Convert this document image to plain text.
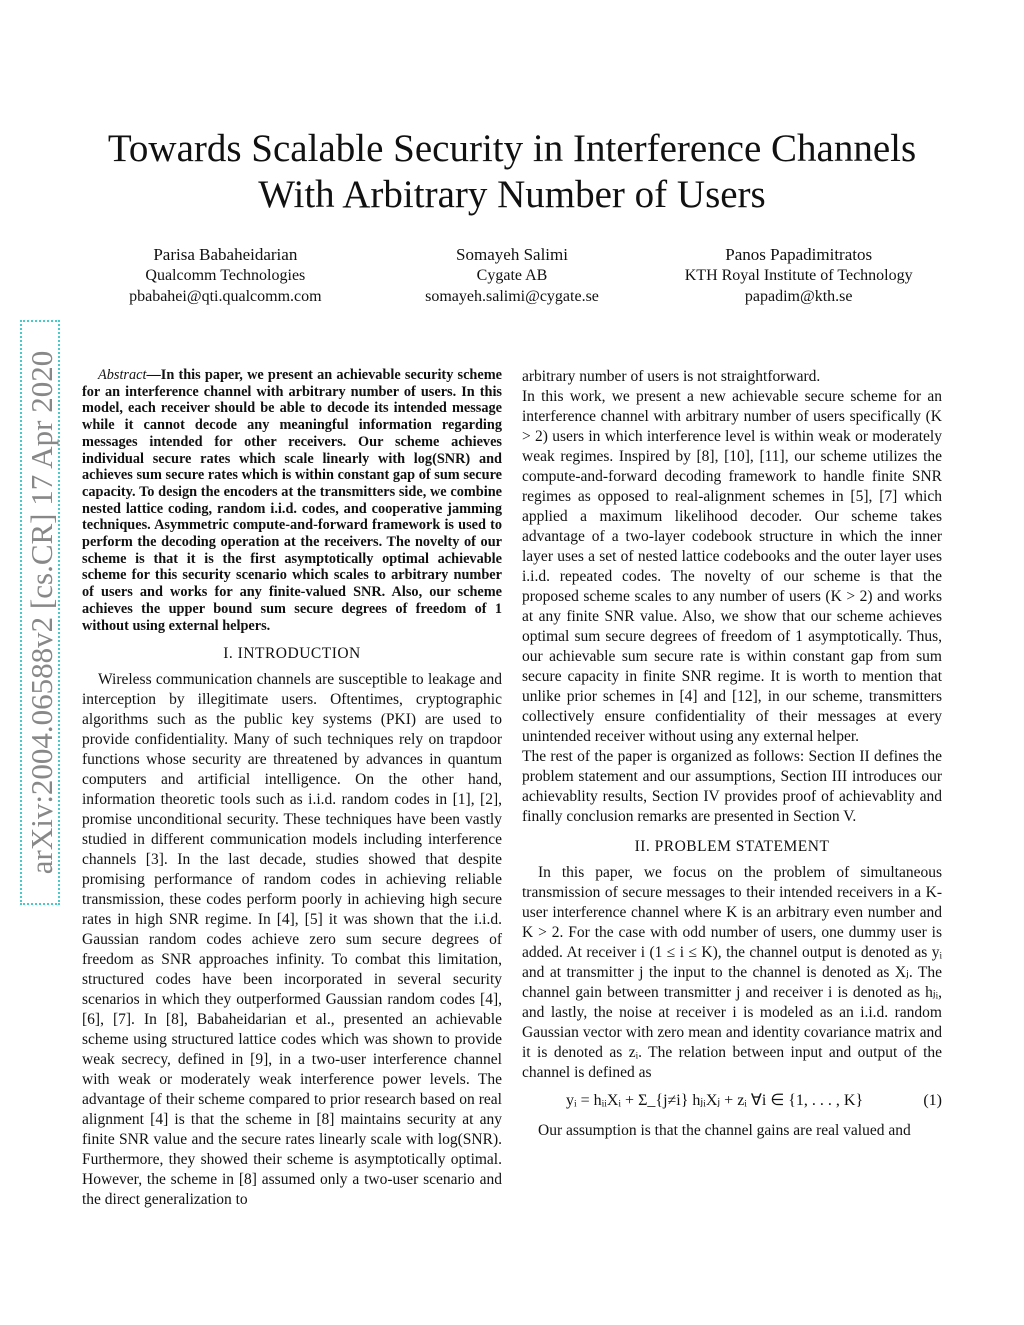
Towards Scalable Security in Interference Channels
With Arbitrary Number of Users
Parisa Babaheidarian
Qualcomm Technologies
pbabahei@qti.qualcomm.com
Somayeh Salimi
Cygate AB
somayeh.salimi@cygate.se
Panos Papadimitratos
KTH Royal Institute of Technology
papadim@kth.se
arXiv:2004.06588v2 [cs.CR] 17 Apr 2020	Abstract—In this paper, we present an achievable security scheme for an interference channel with arbitrary number of users. In this model, each receiver should be able to decode its intended message while it cannot decode any meaningful information regarding messages intended for other receivers. Our scheme achieves individual secure rates which scale linearly with log(SNR) and achieves sum secure rates which is within constant gap of sum secure capacity. To design the encoders at the transmitters side, we combine nested lattice coding, random i.i.d. codes, and cooperative jamming techniques. Asymmetric compute-and-forward framework is used to perform the decoding operation at the receivers. The novelty of our scheme is that it is the first asymptotically optimal achievable scheme for this security scenario which scales to arbitrary number of users and works for any finite-valued SNR. Also, our scheme achieves the upper bound sum secure degrees of freedom of 1 without using external helpers.

I. INTRODUCTION

Wireless communication channels are susceptible to leakage and interception by illegitimate users. Oftentimes, cryptographic algorithms such as the public key systems (PKI) are used to provide confidentiality. Many of such techniques rely on trapdoor functions whose security are threatened by advances in quantum computers and artificial intelligence. On the other hand, information theoretic tools such as i.i.d. random codes in [1], [2], promise unconditional security. These techniques have been vastly studied in different communication models including interference channels [3]. In the last decade, studies showed that despite promising performance of random codes in achieving reliable transmission, these codes perform poorly in achieving high secure rates in high SNR regime. In [4], [5] it was shown that the i.i.d. Gaussian random codes achieve zero sum secure degrees of freedom as SNR approaches infinity. To combat this limitation, structured codes have been incorporated in several security scenarios in which they outperformed Gaussian random codes [4], [6], [7]. In [8], Babaheidarian et al., presented an achievable scheme using structured lattice codes which was shown to provide weak secrecy, defined in [9], in a two-user interference channel with weak or moderately weak interference power levels. The advantage of their scheme compared to prior research based on real alignment [4] is that the scheme in [8] maintains security at any finite SNR value and the secure rates linearly scale with log(SNR). Furthermore, they showed their scheme is asymptotically optimal. However, the scheme in [8] assumed only a two-user scenario and the direct generalization to

arbitrary number of users is not straightforward.

In this work, we present a new achievable secure scheme for an interference channel with arbitrary number of users specifically (K > 2) users in which interference level is within weak or moderately weak regimes. Inspired by [8], [10], [11], our scheme utilizes the compute-and-forward decoding framework to handle finite SNR regimes as opposed to real-alignment schemes in [5], [7] which applied a maximum likelihood decoder. Our scheme takes advantage of a two-layer codebook structure in which the inner layer uses a set of nested lattice codebooks and the outer layer uses i.i.d. repeated codes. The novelty of our scheme is that the proposed scheme scales to any number of users (K > 2) and works at any finite SNR value. Also, we show that our scheme achieves optimal sum secure degrees of freedom of 1 asymptotically. Thus, our achievable sum secure rate is within constant gap from sum secure capacity in finite SNR regime. It is worth to mention that unlike prior schemes in [4] and [12], in our scheme, transmitters collectively ensure confidentiality of their messages at every unintended receiver without using any external helper.

The rest of the paper is organized as follows: Section II defines the problem statement and our assumptions, Section III introduces our achievablity results, Section IV provides proof of achievablity and finally conclusion remarks are presented in Section V.

II. PROBLEM STATEMENT

In this paper, we focus on the problem of simultaneous transmission of secure messages to their intended receivers in a K- user interference channel where K is an arbitrary even number and K > 2. For the case with odd number of users, one dummy user is added. At receiver i (1 ≤ i ≤ K), the channel output is denoted as yᵢ and at transmitter j the input to the channel is denoted as Xⱼ. The channel gain between transmitter j and receiver i is denoted as hⱼᵢ, and lastly, the noise at receiver i is modeled as an i.i.d. random Gaussian vector with zero mean and identity covariance matrix and it is denoted as zᵢ. The relation between input and output of the channel is defined as

yᵢ = hᵢᵢXᵢ + Σ_{j≠i} hⱼᵢXⱼ + zᵢ ∀i ∈ {1, . . . , K}	(1)

Our assumption is that the channel gains are real valued and
